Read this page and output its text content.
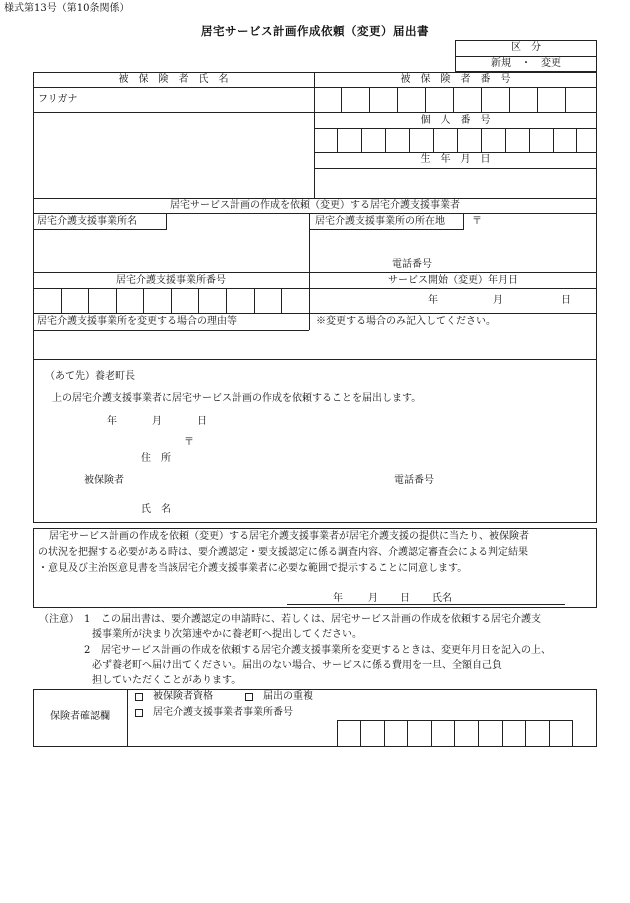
様式第13号（第10条関係）
居宅サービス計画作成依頼（変更）届出書
区　分
新規　・　変更
被　保　険　者　氏　名	被　保　険　者　番　号
フリガナ
個　人　番　号
生　年　月　日
居宅サービス計画の作成を依頼（変更）する居宅介護支援事業者
居宅介護支援事業所名	居宅介護支援事業所の所在地	〒
電話番号
居宅介護支援事業所番号	サービス開始（変更）年月日
年	月	日
居宅介護支援事業所を変更する場合の理由等	※変更する場合のみ記入してください。
（あて先）養老町長
上の居宅介護支援事業者に居宅サービス計画の作成を依頼することを届出します。
年	月	日
〒
住　所
被保険者	電話番号
氏　名
居宅サービス計画の作成を依頼（変更）する居宅介護支援事業者が居宅介護支援の提供に当たり、被保険者
の状況を把握する必要がある時は、要介護認定・要支援認定に係る調査内容、介護認定審査会による判定結果
・意見及び主治医意見書を当該居宅介護支援事業者に必要な範囲で提示することに同意します。
年	月 日 氏名
（注意） 1 この届出書は、要介護認定の申請時に、若しくは、居宅サービス計画の作成を依頼する居宅介護支
援事業所が決まり次第速やかに養老町へ提出してください。
2 居宅サービス計画の作成を依頼する居宅介護支援事業所を変更するときは、変更年月日を記入の上、
必ず養老町へ届け出てください。届出のない場合、サービスに係る費用を一旦、全額自己負
担していただくことがあります。
保険者確認欄
被保険者資格	届出の重複
居宅介護支援事業者事業所番号
